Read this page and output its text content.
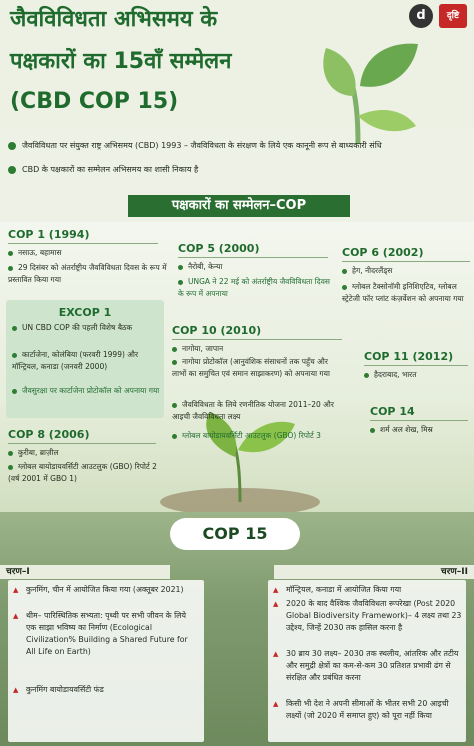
जैवविविधता अभिसमय के
पक्षकारों का 15वाँ सम्मेलन
(CBD COP 15)
d	दृष्टि
जैवविविधता पर संयुक्त राष्ट्र अभिसमय (CBD) 1993 – जैवविविधता के संरक्षण के लिये एक कानूनी रूप से बाध्यकारी संधि
CBD के पक्षकारों का सम्मेलन अभिसमय का शासी निकाय है
पक्षकारों का सम्मेलन–COP
COP 1 (1994)
नसाऊ, बहामास
29 दिसंबर को अंतर्राष्ट्रीय जैवविविधता दिवस के रूप में प्रस्तावित किया गया
COP 5 (2000)
नैरोबी, केन्या
UNGA ने 22 मई को अंतर्राष्ट्रीय जैवविविधता दिवस के रूप में अपनाया
COP 6 (2002)
हेग, नीदरलैंड्स
ग्लोबल टैक्सोनॉमी इनिशिएटिव, ग्लोबल स्ट्रेटेजी फॉर प्लांट कंज़र्वेशन को अपनाया गया
EXCOP 1
UN CBD COP की पहली विशेष बैठक
कार्टाजेना, कोलंबिया (फरवरी 1999) और मॉन्ट्रियल, कनाडा (जनवरी 2000)
जैवसुरक्षा पर कार्टाजेना प्रोटोकॉल को अपनाया गया
COP 10 (2010)
नागोया, जापान
नागोया प्रोटोकॉल (आनुवंशिक संसाधनों तक पहुँच और लाभों का समुचित एवं समान साझाकरण) को अपनाया गया
जैवविविधता के लिये रणनीतिक योजना 2011–20 और आइची जैवविविधता लक्ष्य
ग्लोबल बायोडायवर्सिटी आउटलुक (GBO) रिपोर्ट 3
COP 11 (2012)
हैदराबाद, भारत
COP 14
शर्म अल शेख, मिस्र
COP 8 (2006)
कुरीबा, ब्राज़ील
ग्लोबल बायोडायवर्सिटी आउटलुक (GBO) रिपोर्ट 2 (वर्ष 2001 में GBO 1)
COP 15
चरण–I	चरण–II
▲ कुनमिंग, चीन में आयोजित किया गया (अक्तूबर 2021)
▲ थीम– पारिस्थितिक सभ्यता: पृथ्वी पर सभी जीवन के लिये एक साझा भविष्य का निर्माण (Ecological Civilization% Building a Shared Future for All Life on Earth)
▲ कुनमिंग बायोडायवर्सिटी फंड
▲ मॉन्ट्रियल, कनाडा में आयोजित किया गया
▲ 2020 के बाद वैश्विक जैवविविधता रूपरेखा (Post 2020 Global Biodiversity Framework)– 4 लक्ष्य तथा 23 उद्देश्य, जिन्हें 2030 तक हासिल करना है
▲ 30 ब्राय 30 लक्ष्य– 2030 तक स्थलीय, आंतरिक और तटीय और समुद्री क्षेत्रों का कम-से-कम 30 प्रतिशत प्रभावी ढंग से संरक्षित और प्रबंधित करना
▲ किसी भी देश ने अपनी सीमाओं के भीतर सभी 20 आइची लक्ष्यों (जो 2020 में समाप्त हुए) को पूरा नहीं किया
